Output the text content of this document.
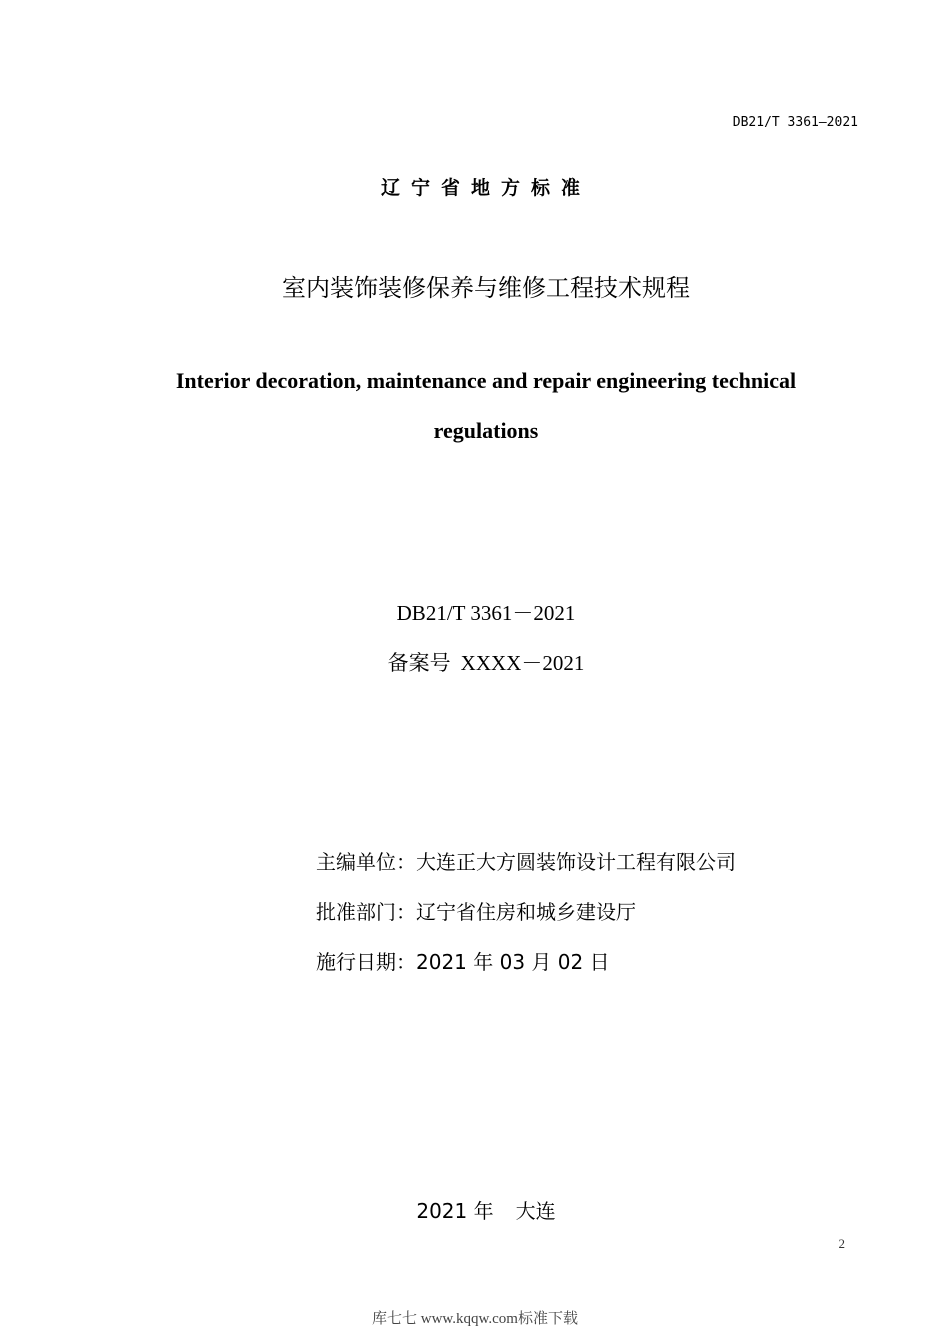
DB21/T 3361—2021
辽宁省地方标准
室内装饰装修保养与维修工程技术规程
Interior decoration, maintenance and repair engineering technical
regulations
DB21/T 3361－2021
备案号 XXXX－2021
主编单位：大连正大方圆装饰设计工程有限公司
批准部门：辽宁省住房和城乡建设厅
施行日期：2021 年 03 月 02 日
2021 年 大连
2
库七七 www.kqqw.com标准下载
